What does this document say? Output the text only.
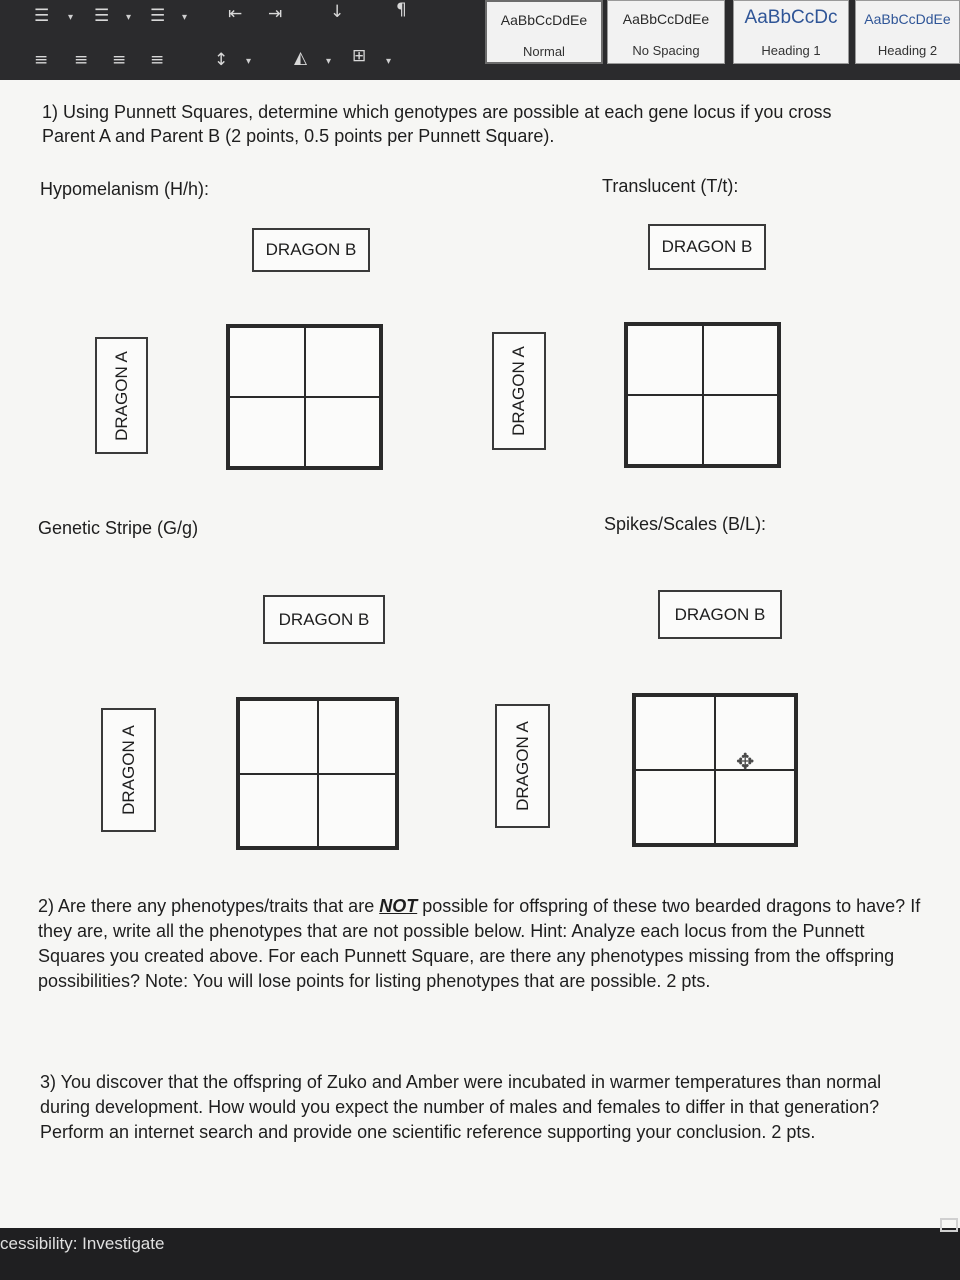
☰ ▾ ☰ ▾ ☰ ▾ ⇤ ⇥	↓	¶
≡ ≡ ≡ ≡	↕ ▾	◭ ▾ ⊞ ▾
AaBbCcDdEe
Normal
AaBbCcDdEe
No Spacing
AaBbCcDc
Heading 1
AaBbCcDdEe
Heading 2
1) Using Punnett Squares, determine which genotypes are possible at each gene locus if you cross
Parent A and Parent B (2 points, 0.5 points per Punnett Square).
Hypomelanism (H/h):
DRAGON B
DRAGON A
Translucent (T/t):
DRAGON B
DRAGON A
Genetic Stripe (G/g)
DRAGON B
DRAGON A
Spikes/Scales (B/L):
DRAGON B
DRAGON A	✥
2) Are there any phenotypes/traits that are NOT possible for offspring of these two bearded dragons to have? If they are, write all the phenotypes that are not possible below. Hint: Analyze each locus from the Punnett Squares you created above. For each Punnett Square, are there any phenotypes missing from the offspring possibilities? Note: You will lose points for listing phenotypes that are possible. 2 pts.
3) You discover that the offspring of Zuko and Amber were incubated in warmer temperatures than normal during development. How would you expect the number of males and females to differ in that generation? Perform an internet search and provide one scientific reference supporting your conclusion. 2 pts.
cessibility: Investigate
